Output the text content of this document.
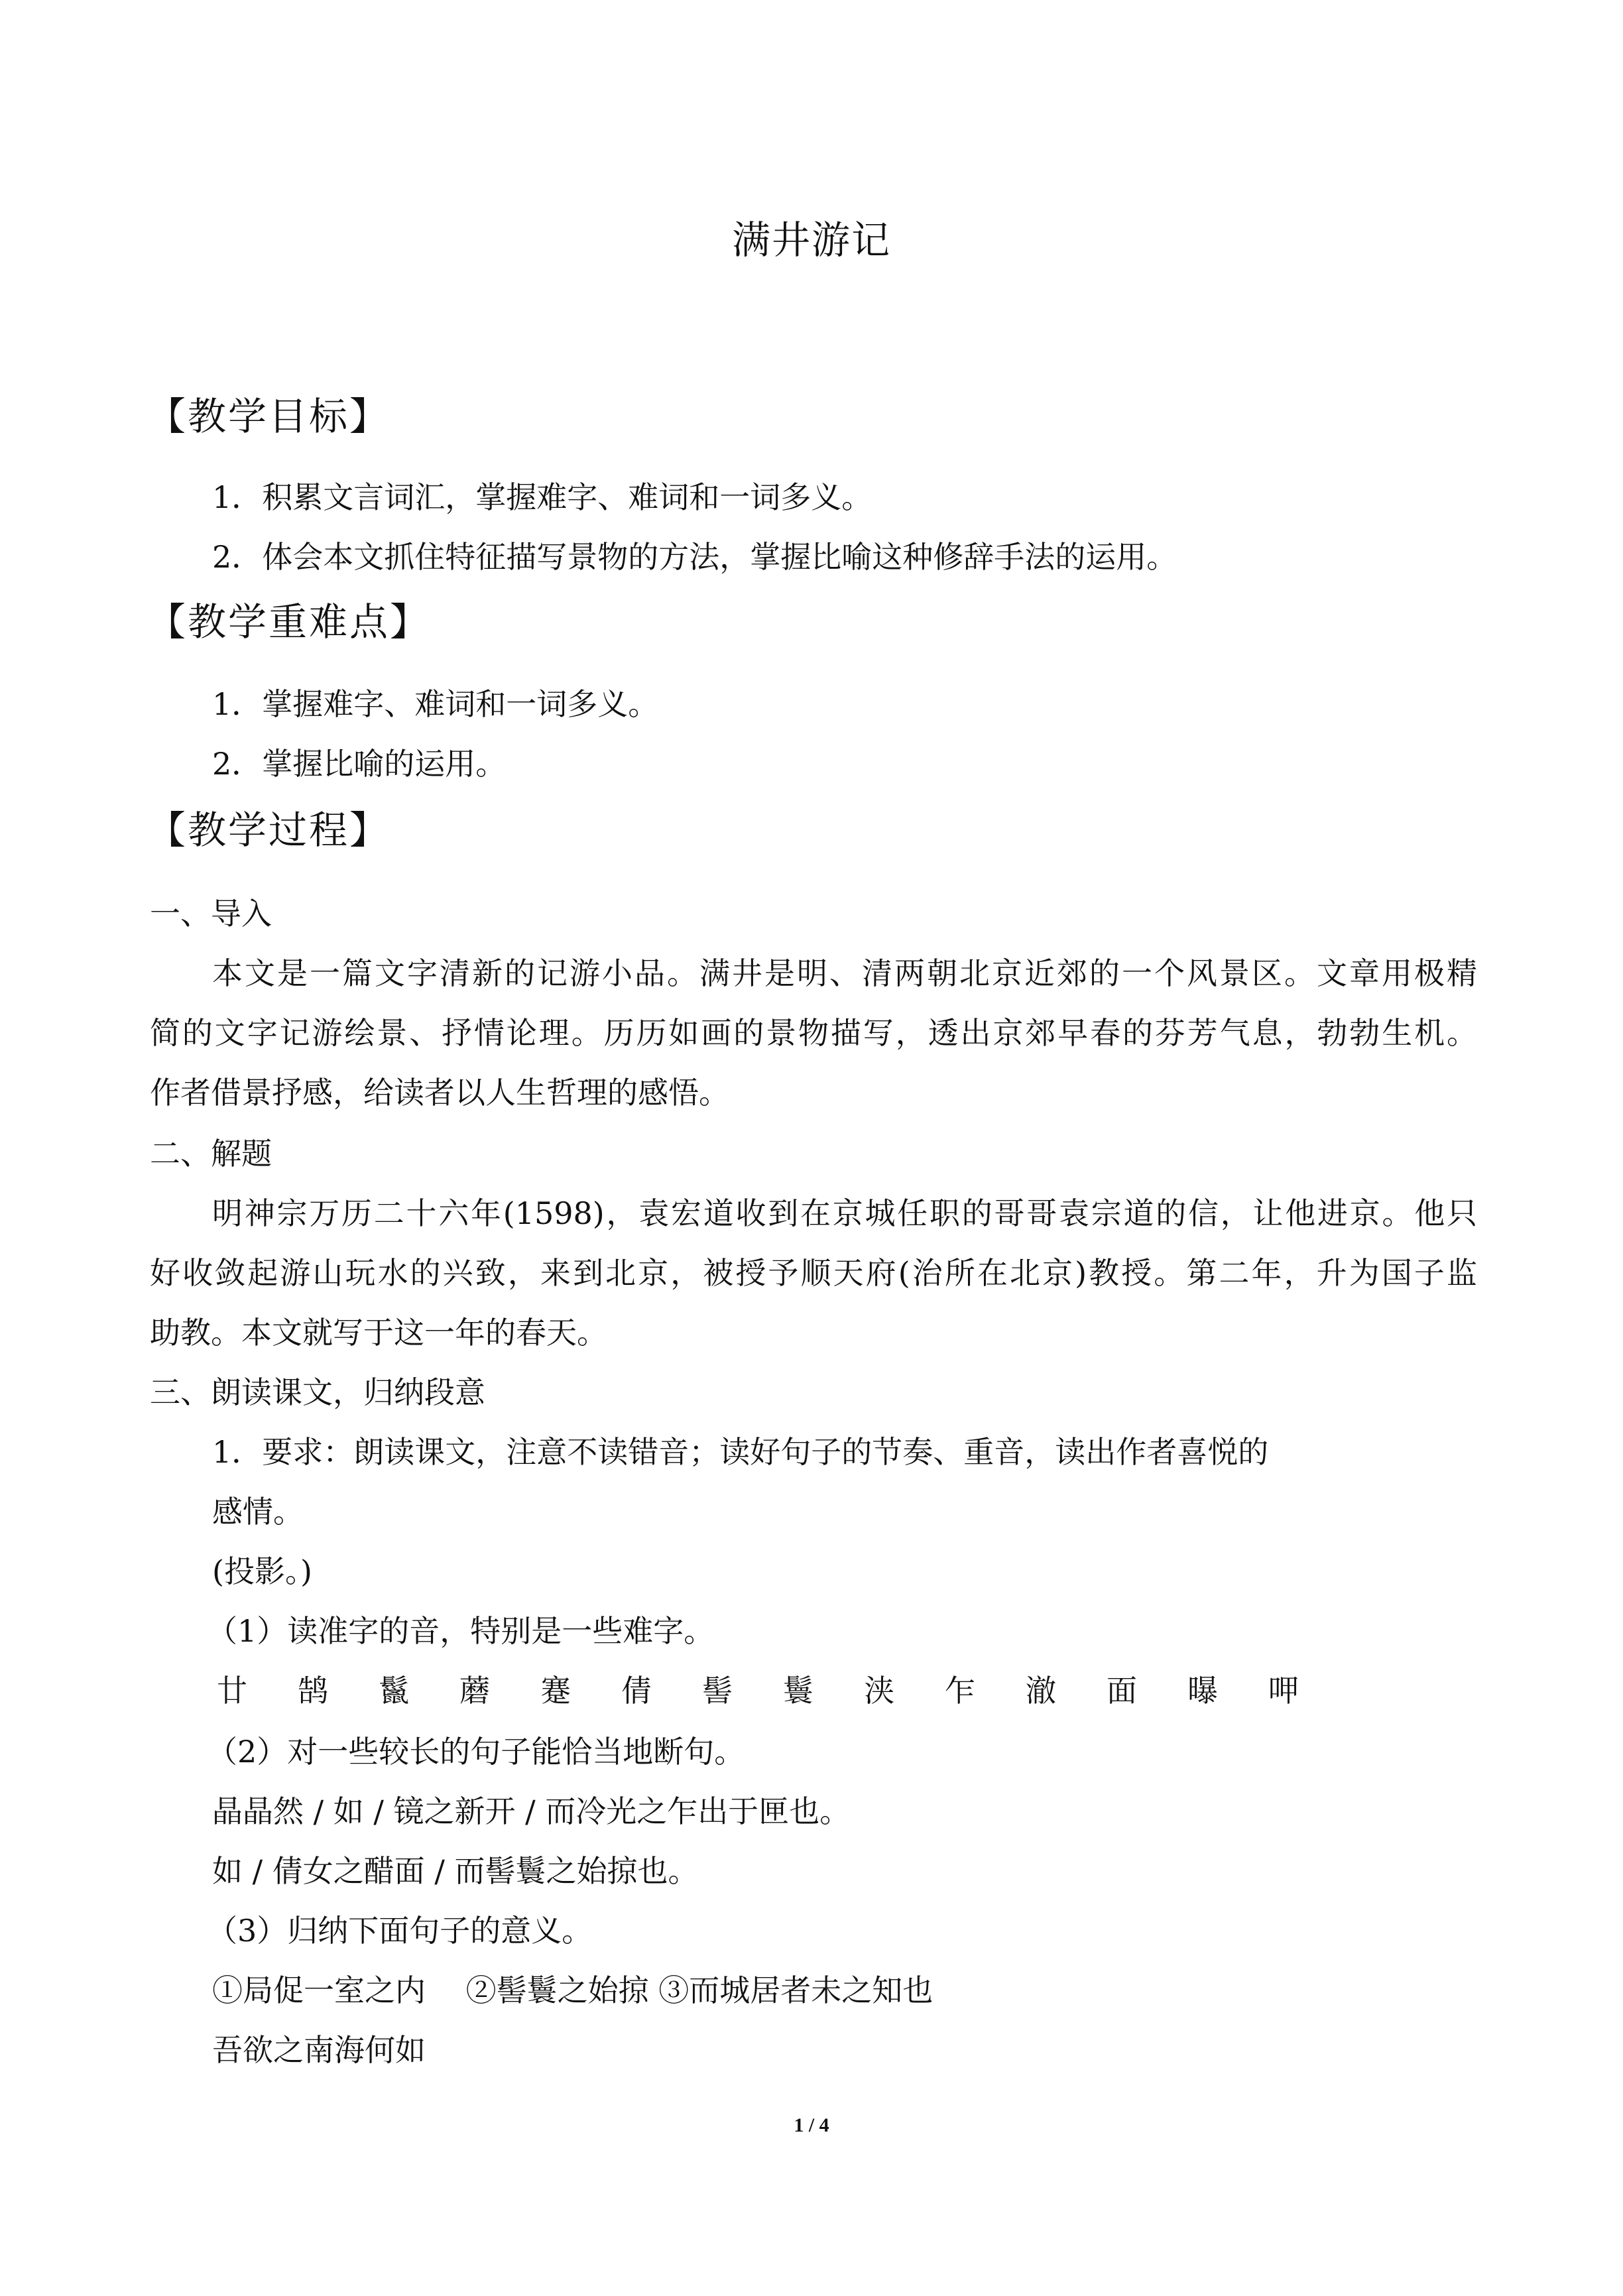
满井游记
【教学目标】
1．积累文言词汇，掌握难字、难词和一词多义。
2．体会本文抓住特征描写景物的方法，掌握比喻这种修辞手法的运用。
【教学重难点】
1．掌握难字、难词和一词多义。
2．掌握比喻的运用。
【教学过程】
一、导入
本文是一篇文字清新的记游小品。满井是明、清两朝北京近郊的一个风景区。文章用极精
简的文字记游绘景、抒情论理。历历如画的景物描写，透出京郊早春的芬芳气息，勃勃生机。
作者借景抒感，给读者以人生哲理的感悟。
二、解题
明神宗万历二十六年(1598)，袁宏道收到在京城任职的哥哥袁宗道的信，让他进京。他只
好收敛起游山玩水的兴致，来到北京，被授予顺天府(治所在北京)教授。第二年，升为国子监
助教。本文就写于这一年的春天。
三、朗读课文，归纳段意
1．要求：朗读课文，注意不读错音；读好句子的节奏、重音，读出作者喜悦的
感情。
(投影。)
（1）读准字的音，特别是一些难字。
廿 鹄 鬣 蘑 蹇 倩 髻 鬟 浃 乍 澈 面 曝 呷
（2）对一些较长的句子能恰当地断句。
晶晶然 / 如 / 镜之新开 / 而冷光之乍出于匣也。
如 / 倩女之醋面 / 而髻鬟之始掠也。
（3）归纳下面句子的意义。
①局促一室之内　 ②髻鬟之始掠 ③而城居者未之知也
吾欲之南海何如
1 / 4
